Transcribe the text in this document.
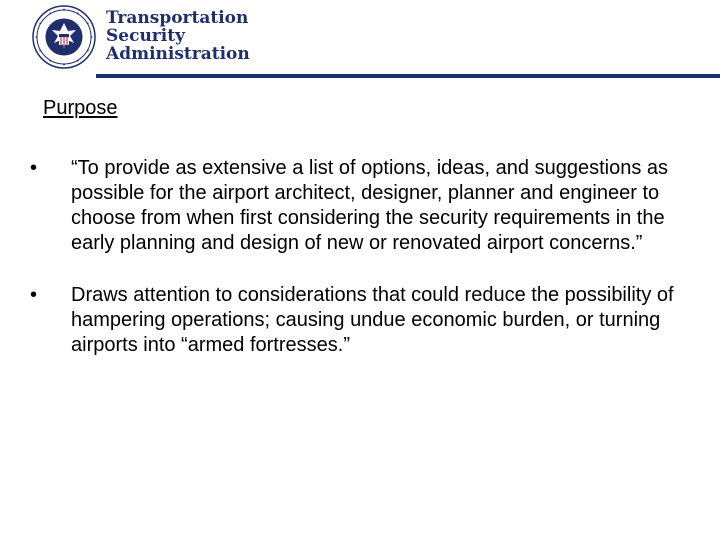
Transportation
Security
Administration
Purpose
• “To provide as extensive a list of options, ideas, and suggestions as possible for the airport architect, designer, planner and engineer to choose from when first considering the security requirements in the early planning and design of new or renovated airport concerns.”
• Draws attention to considerations that could reduce the possibility of hampering operations; causing undue economic burden, or turning airports into “armed fortresses.”
